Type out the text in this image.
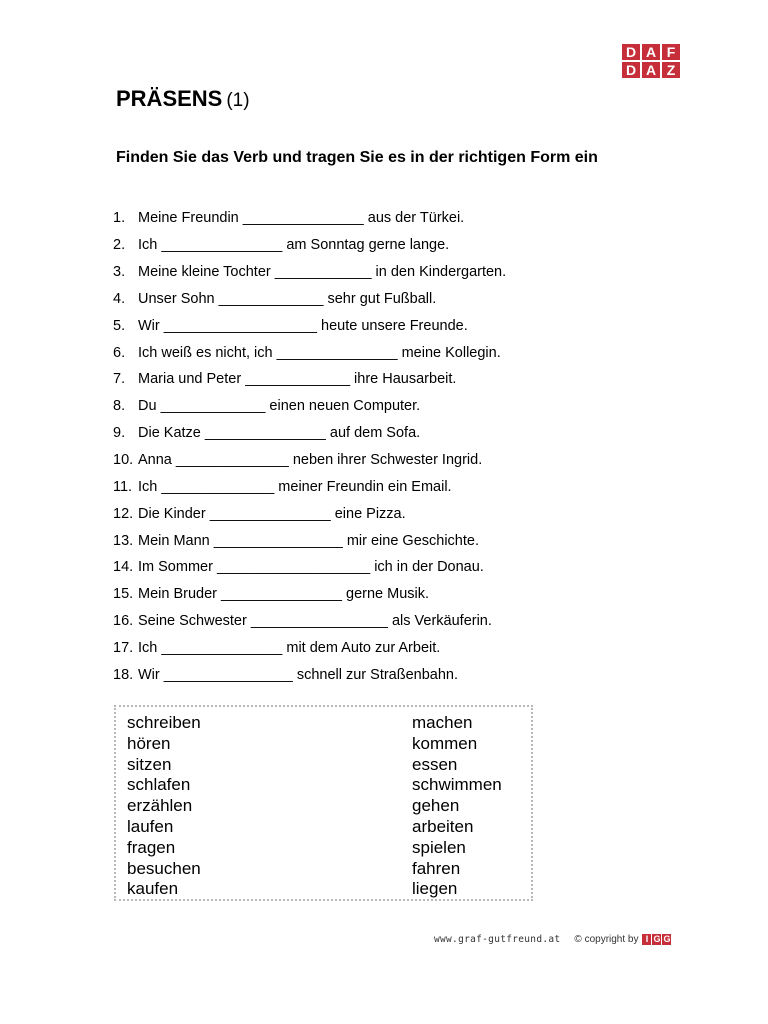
D A F
D A Z
PRÄSENS (1)
Finden Sie das Verb und tragen Sie es in der richtigen Form ein
1. Meine Freundin _______________ aus der Türkei.
2. Ich _______________ am Sonntag gerne lange.
3. Meine kleine Tochter ____________ in den Kindergarten.
4. Unser Sohn _____________ sehr gut Fußball.
5. Wir ___________________ heute unsere Freunde.
6. Ich weiß es nicht, ich _______________ meine Kollegin.
7. Maria und Peter _____________ ihre Hausarbeit.
8. Du _____________ einen neuen Computer.
9. Die Katze _______________ auf dem Sofa.
10. Anna ______________ neben ihrer Schwester Ingrid.
11. Ich ______________ meiner Freundin ein Email.
12. Die Kinder _______________ eine Pizza.
13. Mein Mann ________________ mir eine Geschichte.
14. Im Sommer ___________________ ich in der Donau.
15. Mein Bruder _______________ gerne Musik.
16. Seine Schwester _________________ als Verkäuferin.
17. Ich _______________ mit dem Auto zur Arbeit.
18. Wir ________________ schnell zur Straßenbahn.
schreiben
hören
sitzen
schlafen
erzählen
laufen
fragen
besuchen
kaufen
machen
kommen
essen
schwimmen
gehen
arbeiten
spielen
fahren
liegen
www.graf-gutfreund.at © copyright by I G G
